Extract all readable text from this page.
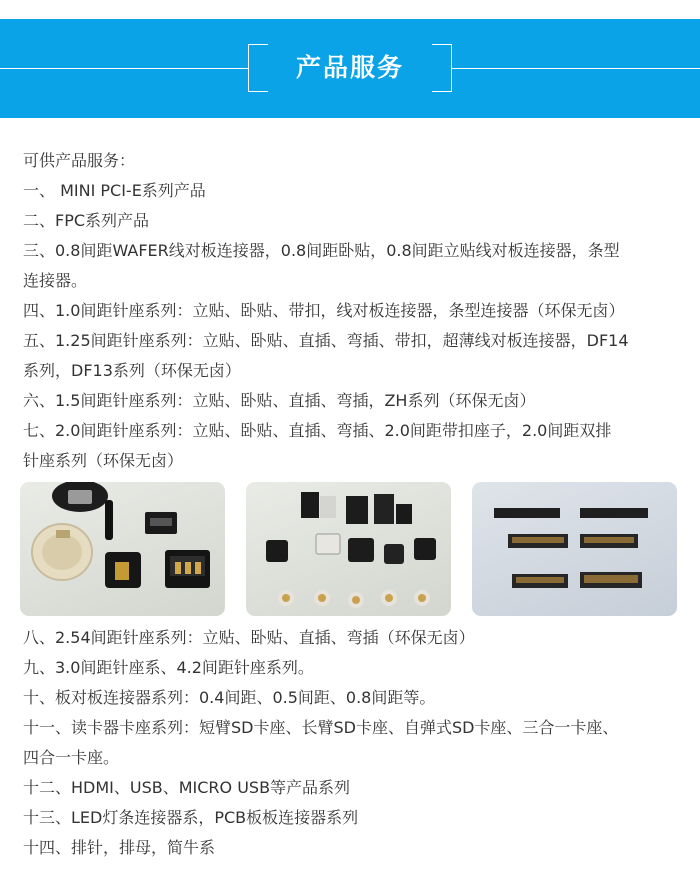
产品服务
可供产品服务：
一、 MINI PCI-E系列产品
二、FPC系列产品
三、0.8间距WAFER线对板连接器，0.8间距卧贴，0.8间距立贴线对板连接器，条型
连接器。
四、1.0间距针座系列：立贴、卧贴、带扣，线对板连接器，条型连接器（环保无卤）
五、1.25间距针座系列：立贴、卧贴、直插、弯插、带扣，超薄线对板连接器，DF14
系列，DF13系列（环保无卤）
六、1.5间距针座系列：立贴、卧贴、直插、弯插，ZH系列（环保无卤）
七、2.0间距针座系列：立贴、卧贴、直插、弯插、2.0间距带扣座子，2.0间距双排
针座系列（环保无卤）
八、2.54间距针座系列：立贴、卧贴、直插、弯插（环保无卤）
九、3.0间距针座系、4.2间距针座系列。
十、板对板连接器系列：0.4间距、0.5间距、0.8间距等。
十一、读卡器卡座系列：短臂SD卡座、长臂SD卡座、自弹式SD卡座、三合一卡座、
四合一卡座。
十二、HDMI、USB、MICRO USB等产品系列
十三、LED灯条连接器系，PCB板板连接器系列
十四、排针，排母，简牛系
